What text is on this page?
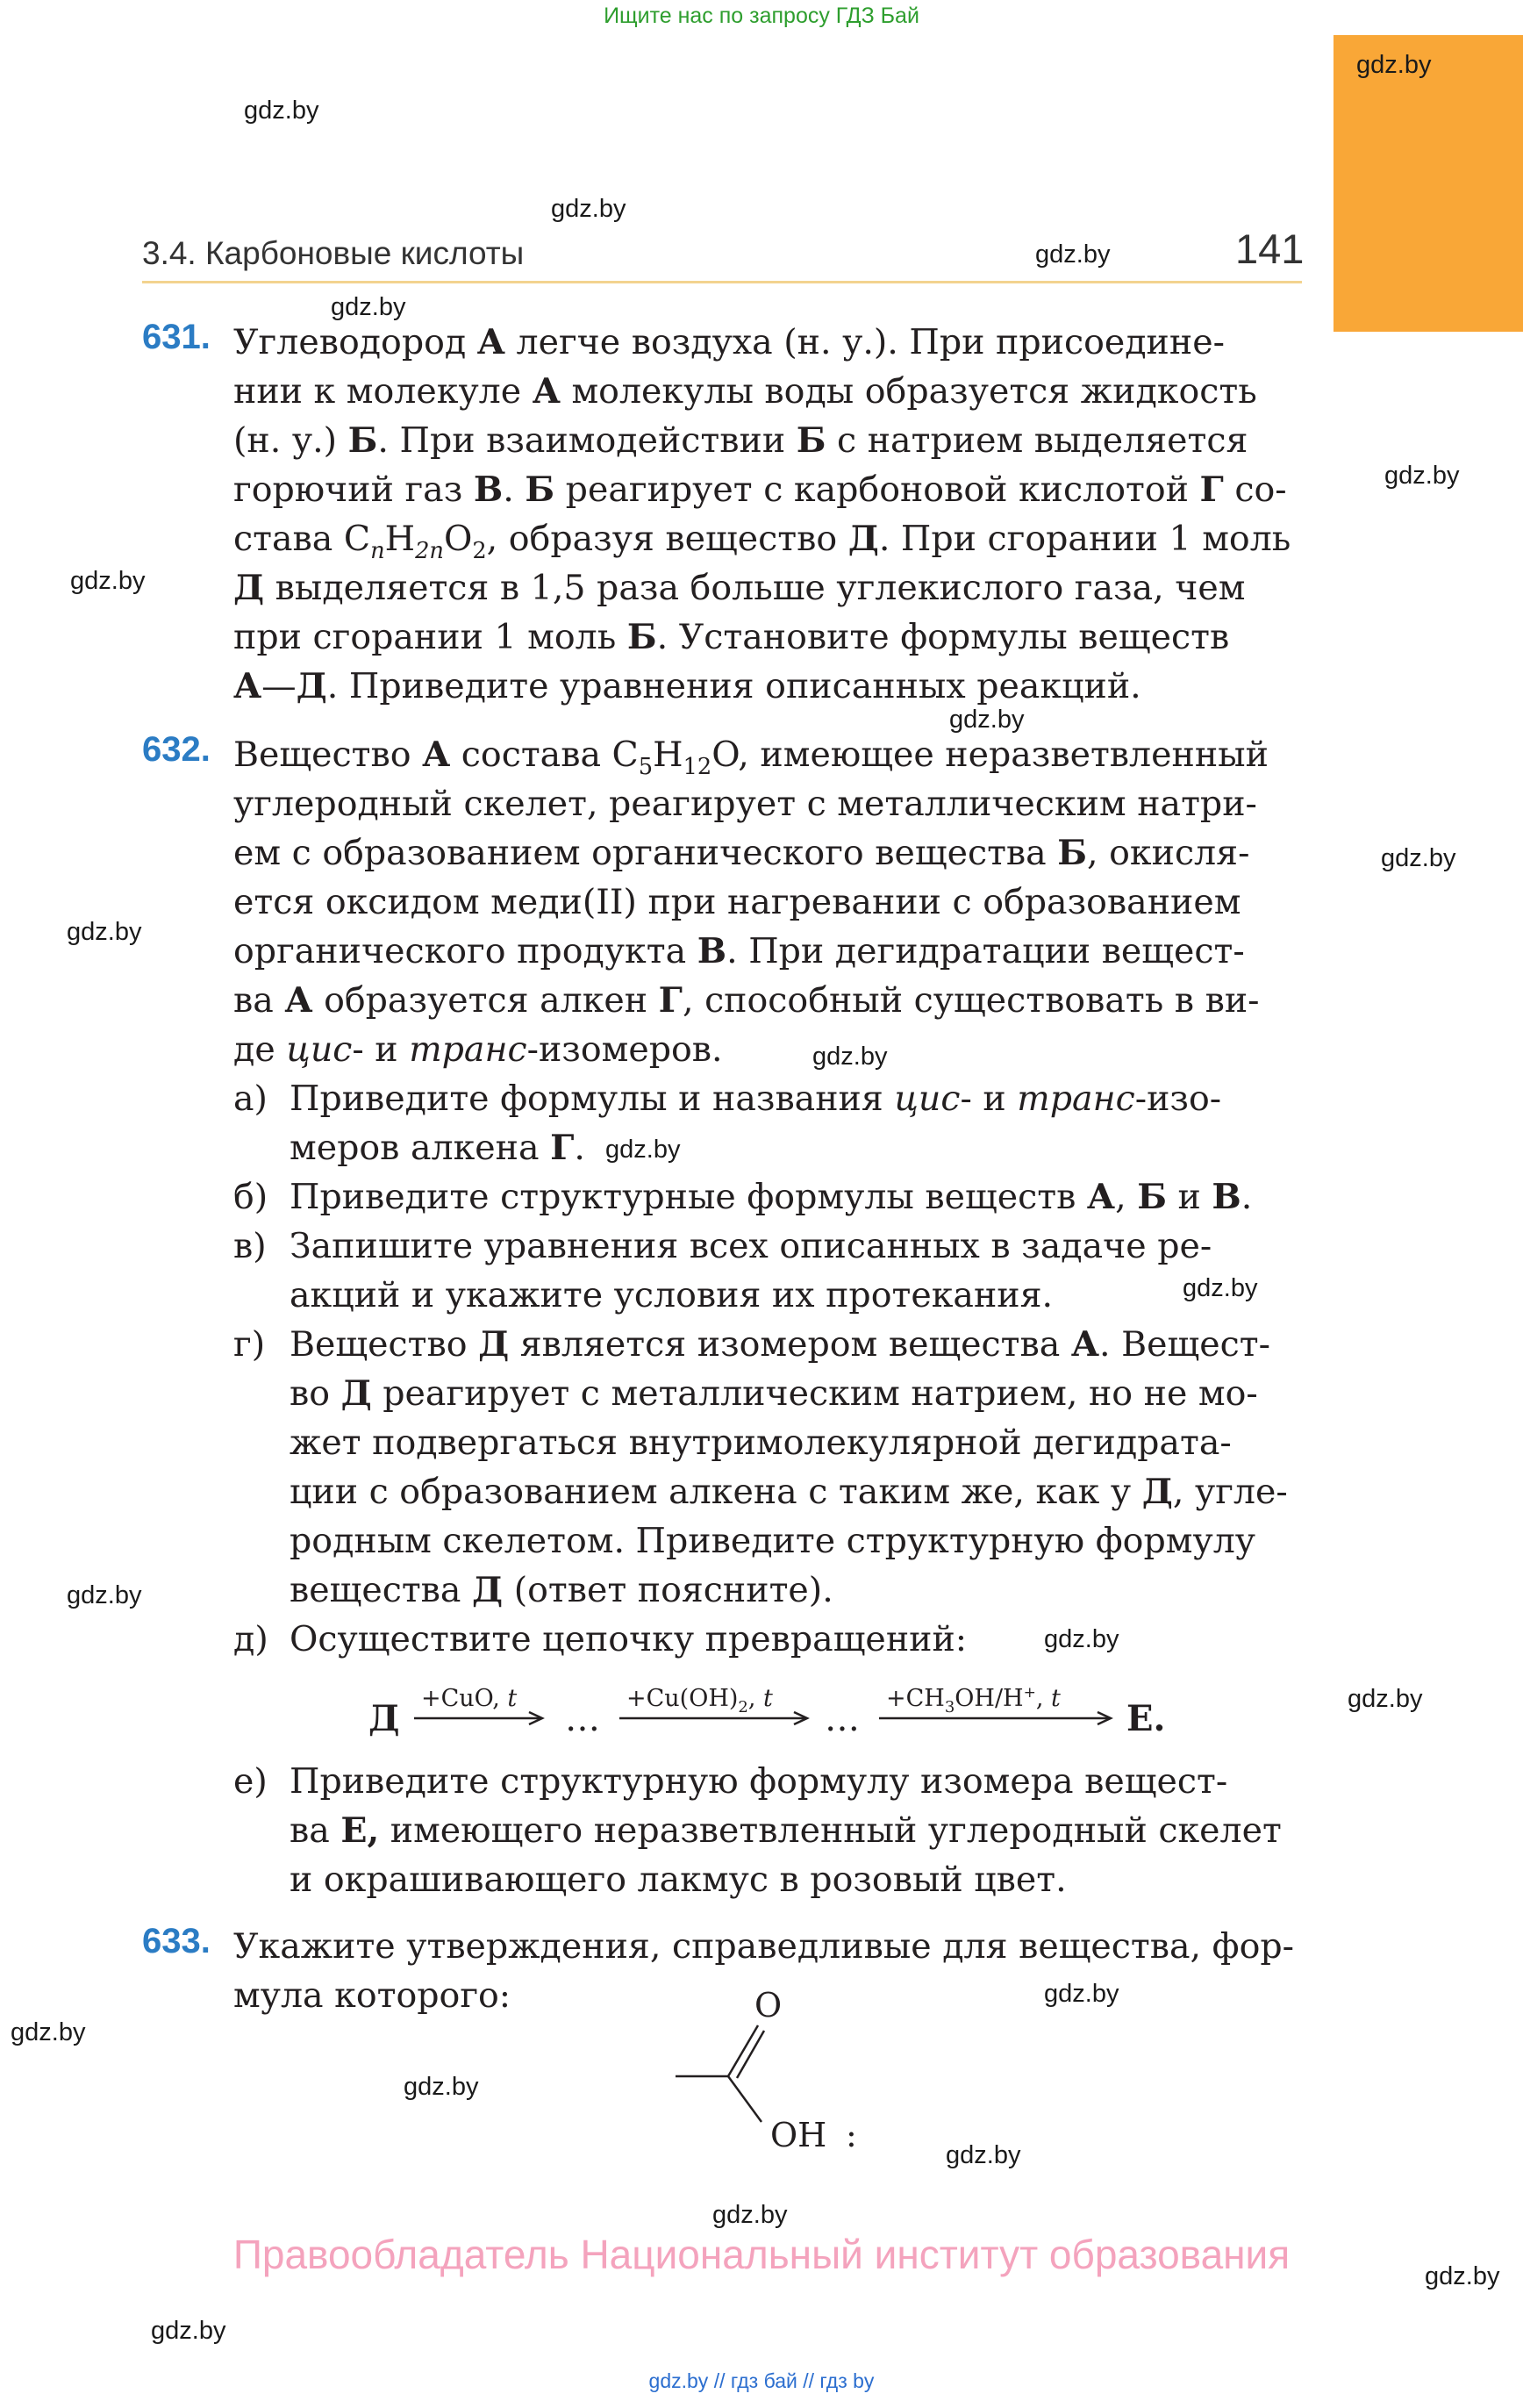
Ищите нас по запросу ГДЗ Бай
gdz.by
gdz.by
gdz.by
gdz.by
gdz.by
gdz.by
gdz.by
gdz.by
gdz.by
gdz.by
gdz.by
gdz.by
gdz.by
gdz.by
gdz.by
gdz.by
gdz.by
gdz.by
gdz.by
gdz.by
gdz.by
gdz.by
gdz.by
3.4. Карбоновые кислоты	141
631. Углеводород А легче воздуха (н. у.). При присоедине-
нии к молекуле А молекулы воды образуется жидкость
(н. у.) Б. При взаимодействии Б с натрием выделяется
горючий газ В. Б реагирует с карбоновой кислотой Г со-
става $C_nH_{2n}O_2$, образуя вещество Д. При сгорании 1 моль
Д выделяется в 1,5 раза больше углекислого газа, чем
при сгорании 1 моль Б. Установите формулы веществ
А—Д. Приведите уравнения описанных реакций.
632. Вещество А состава $C_5H_{12}O$, имеющее неразветвленный
углеродный скелет, реагирует с металлическим натри-
ем с образованием органического вещества Б, окисля-
ется оксидом меди(II) при нагревании с образованием
органического продукта В. При дегидратации вещест-
ва А образуется алкен Г, способный существовать в ви-
де цис- и транс-изомеров.
а) Приведите формулы и названия цис- и транс-изо-
меров алкена Г.
б) Приведите структурные формулы веществ А, Б и В.
в) Запишите уравнения всех описанных в задаче ре-
акций и укажите условия их протекания.
г) Вещество Д является изомером вещества А. Вещест-
во Д реагирует с металлическим натрием, но не мо-
жет подвергаться внутримолекулярной дегидрата-
ции с образованием алкена с таким же, как у Д, угле-
родным скелетом. Приведите структурную формулу
вещества Д (ответ поясните).
д) Осуществите цепочку превращений:
Д +CuO, t
…
$+Cu(OH)_2$, t
…
$+CH_3OH/H^+$, t Е.
е) Приведите структурную формулу изомера вещест-
ва Е, имеющего неразветвленный углеродный скелет
и окрашивающего лакмус в розовый цвет.
633. Укажите утверждения, справедливые для вещества, фор-
мула которого:	O
OH :
Правообладатель Национальный институт образования
gdz.by // гдз бай // гдз by
